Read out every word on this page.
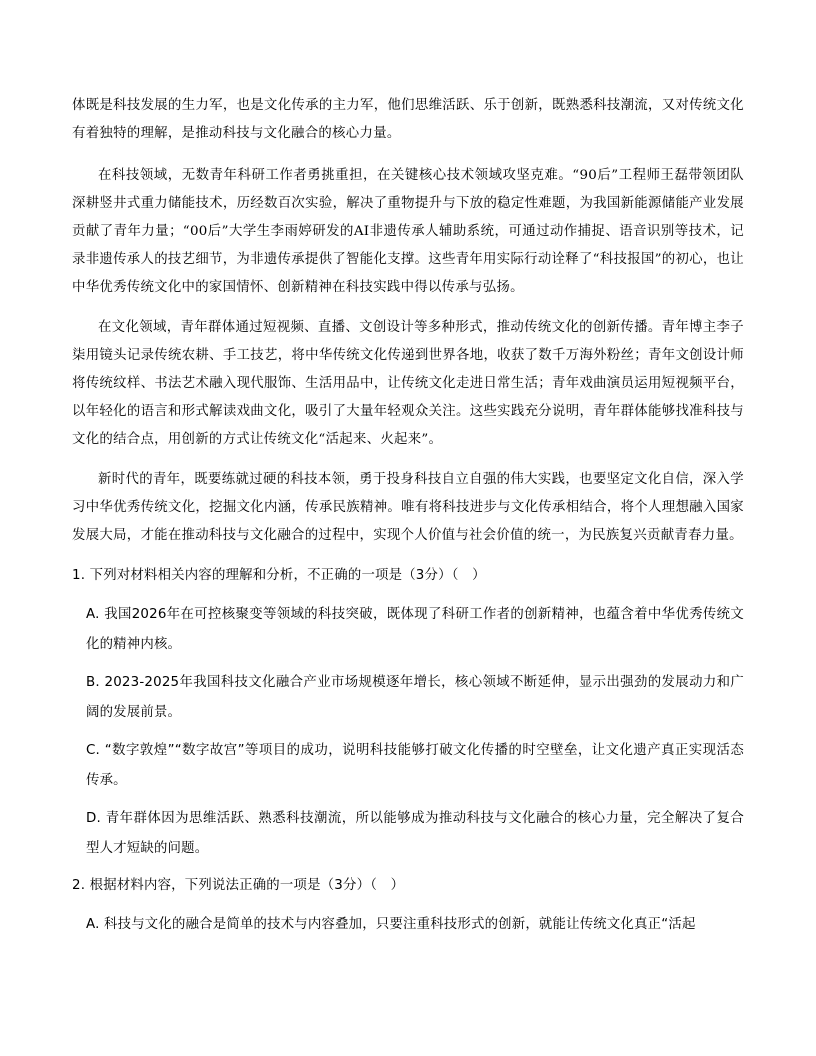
体既是科技发展的生力军，也是文化传承的主力军，他们思维活跃、乐于创新，既熟悉科技潮流，又对传统文化有着独特的理解，是推动科技与文化融合的核心力量。

在科技领域，无数青年科研工作者勇挑重担，在关键核心技术领域攻坚克难。“90后”工程师王磊带领团队深耕竖井式重力储能技术，历经数百次实验，解决了重物提升与下放的稳定性难题，为我国新能源储能产业发展贡献了青年力量；“00后”大学生李雨婷研发的AI非遗传承人辅助系统，可通过动作捕捉、语音识别等技术，记录非遗传承人的技艺细节，为非遗传承提供了智能化支撑。这些青年用实际行动诠释了“科技报国”的初心，也让中华优秀传统文化中的家国情怀、创新精神在科技实践中得以传承与弘扬。

在文化领域，青年群体通过短视频、直播、文创设计等多种形式，推动传统文化的创新传播。青年博主李子柒用镜头记录传统农耕、手工技艺，将中华传统文化传递到世界各地，收获了数千万海外粉丝；青年文创设计师将传统纹样、书法艺术融入现代服饰、生活用品中，让传统文化走进日常生活；青年戏曲演员运用短视频平台，以年轻化的语言和形式解读戏曲文化，吸引了大量年轻观众关注。这些实践充分说明，青年群体能够找准科技与文化的结合点，用创新的方式让传统文化“活起来、火起来”。

新时代的青年，既要练就过硬的科技本领，勇于投身科技自立自强的伟大实践，也要坚定文化自信，深入学习中华优秀传统文化，挖掘文化内涵，传承民族精神。唯有将科技进步与文化传承相结合，将个人理想融入国家发展大局，才能在推动科技与文化融合的过程中，实现个人价值与社会价值的统一，为民族复兴贡献青春力量。

1. 下列对材料相关内容的理解和分析，不正确的一项是（3分）（　）
A. 我国2026年在可控核聚变等领域的科技突破，既体现了科研工作者的创新精神，也蕴含着中华优秀传统文化的精神内核。
B. 2023-2025年我国科技文化融合产业市场规模逐年增长，核心领域不断延伸，显示出强劲的发展动力和广阔的发展前景。
C. “数字敦煌”“数字故宫”等项目的成功，说明科技能够打破文化传播的时空壁垒，让文化遗产真正实现活态传承。
D. 青年群体因为思维活跃、熟悉科技潮流，所以能够成为推动科技与文化融合的核心力量，完全解决了复合型人才短缺的问题。
2. 根据材料内容，下列说法正确的一项是（3分）（　）
A. 科技与文化的融合是简单的技术与内容叠加，只要注重科技形式的创新，就能让传统文化真正“活起
